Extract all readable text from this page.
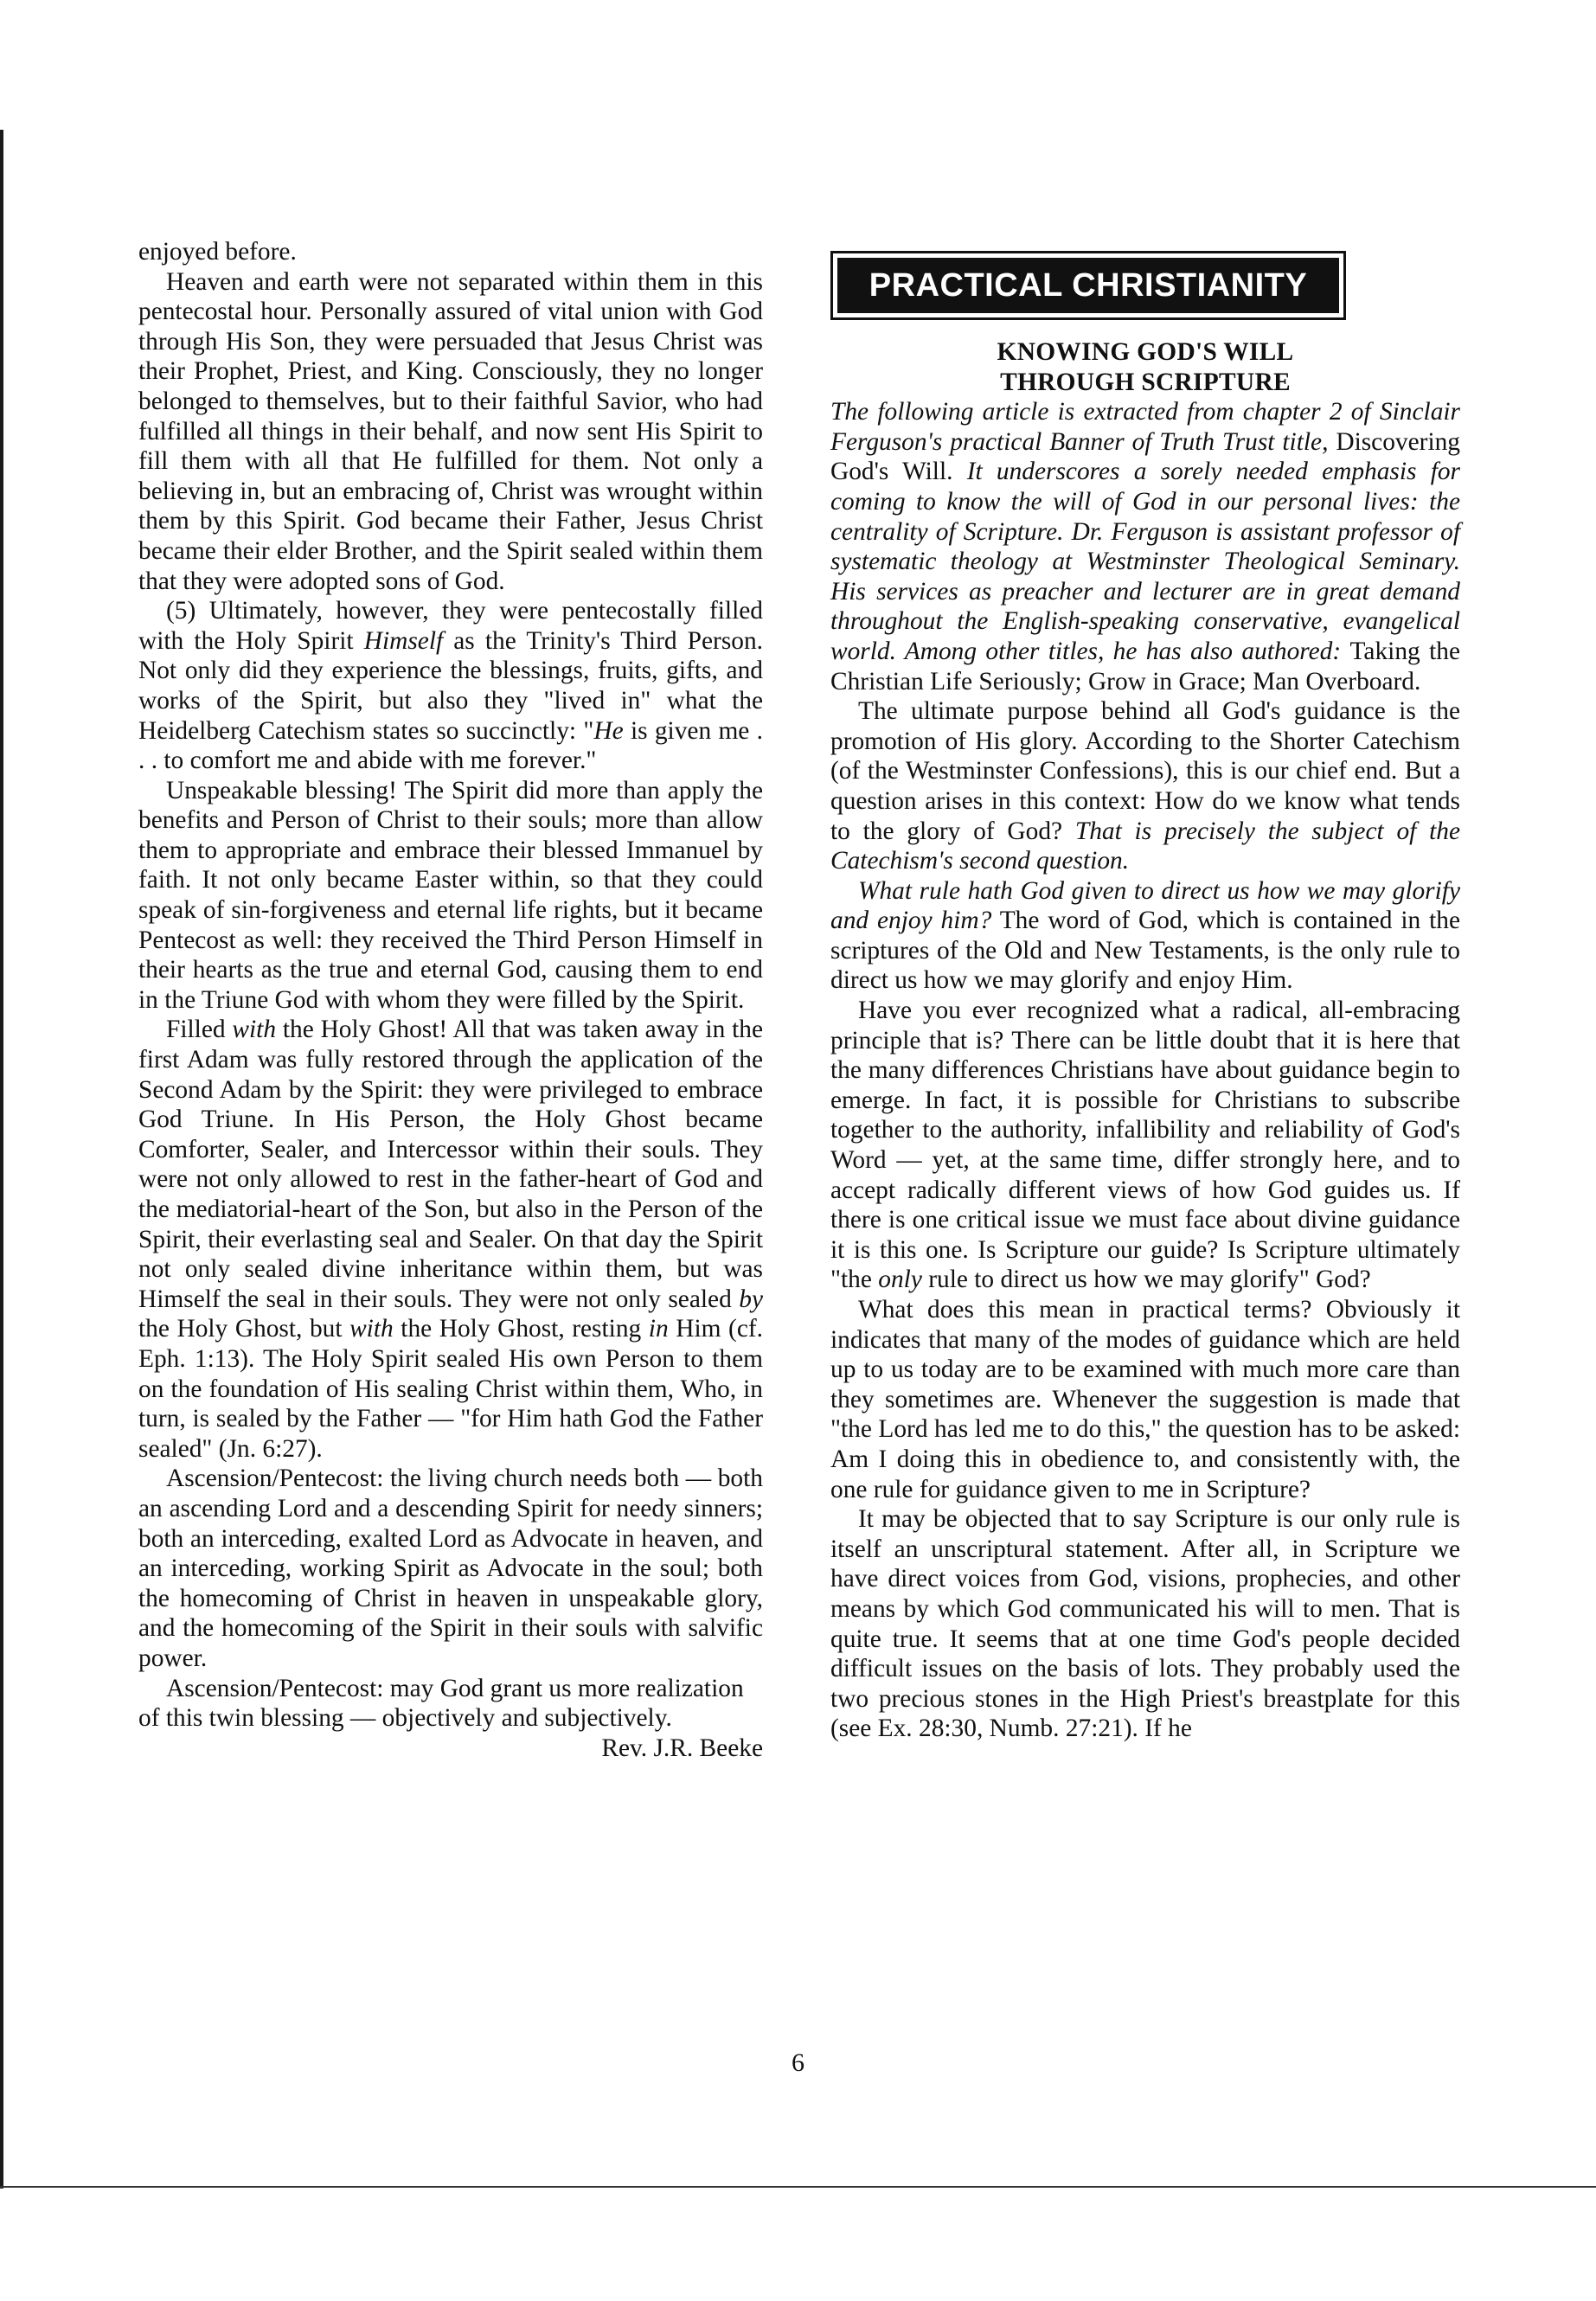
enjoyed before.

Heaven and earth were not separated within them in this pentecostal hour. Personally assured of vital union with God through His Son, they were persuaded that Jesus Christ was their Prophet, Priest, and King. Consciously, they no longer belonged to themselves, but to their faithful Savior, who had fulfilled all things in their behalf, and now sent His Spirit to fill them with all that He fulfilled for them. Not only a believing in, but an embracing of, Christ was wrought within them by this Spirit. God became their Father, Jesus Christ became their elder Brother, and the Spirit sealed within them that they were adopted sons of God.

(5) Ultimately, however, they were pentecostally filled with the Holy Spirit Himself as the Trinity's Third Person. Not only did they experience the blessings, fruits, gifts, and works of the Spirit, but also they "lived in" what the Heidelberg Catechism states so succinctly: "He is given me . . . to comfort me and abide with me forever."

Unspeakable blessing! The Spirit did more than apply the benefits and Person of Christ to their souls; more than allow them to appropriate and embrace their blessed Immanuel by faith. It not only became Easter within, so that they could speak of sin-forgiveness and eternal life rights, but it became Pentecost as well: they received the Third Person Himself in their hearts as the true and eternal God, causing them to end in the Triune God with whom they were filled by the Spirit.

Filled with the Holy Ghost! All that was taken away in the first Adam was fully restored through the application of the Second Adam by the Spirit: they were privileged to embrace God Triune. In His Person, the Holy Ghost became Comforter, Sealer, and Intercessor within their souls. They were not only allowed to rest in the father-heart of God and the mediatorial-heart of the Son, but also in the Person of the Spirit, their everlasting seal and Sealer. On that day the Spirit not only sealed divine inheritance within them, but was Himself the seal in their souls. They were not only sealed by the Holy Ghost, but with the Holy Ghost, resting in Him (cf. Eph. 1:13). The Holy Spirit sealed His own Person to them on the foundation of His sealing Christ within them, Who, in turn, is sealed by the Father — "for Him hath God the Father sealed" (Jn. 6:27).

Ascension/Pentecost: the living church needs both — both an ascending Lord and a descending Spirit for needy sinners; both an interceding, exalted Lord as Advocate in heaven, and an interceding, working Spirit as Advocate in the soul; both the homecoming of Christ in heaven in unspeakable glory, and the homecoming of the Spirit in their souls with salvific power.

Ascension/Pentecost: may God grant us more realization of this twin blessing — objectively and subjectively.
Rev. J.R. Beeke

PRACTICAL CHRISTIANITY
KNOWING GOD'S WILL
THROUGH SCRIPTURE

The following article is extracted from chapter 2 of Sinclair Ferguson's practical Banner of Truth Trust title, Discovering God's Will. It underscores a sorely needed emphasis for coming to know the will of God in our personal lives: the centrality of Scripture. Dr. Ferguson is assistant professor of systematic theology at Westminster Theological Seminary. His services as preacher and lecturer are in great demand throughout the English-speaking conservative, evangelical world. Among other titles, he has also authored: Taking the Christian Life Seriously; Grow in Grace; Man Overboard.

The ultimate purpose behind all God's guidance is the promotion of His glory. According to the Shorter Catechism (of the Westminster Confessions), this is our chief end. But a question arises in this context: How do we know what tends to the glory of God? That is precisely the subject of the Catechism's second question.

What rule hath God given to direct us how we may glorify and enjoy him? The word of God, which is contained in the scriptures of the Old and New Testaments, is the only rule to direct us how we may glorify and enjoy Him.

Have you ever recognized what a radical, all-embracing principle that is? There can be little doubt that it is here that the many differences Christians have about guidance begin to emerge. In fact, it is possible for Christians to subscribe together to the authority, infallibility and reliability of God's Word — yet, at the same time, differ strongly here, and to accept radically different views of how God guides us. If there is one critical issue we must face about divine guidance it is this one. Is Scripture our guide? Is Scripture ultimately "the only rule to direct us how we may glorify" God?

What does this mean in practical terms? Obviously it indicates that many of the modes of guidance which are held up to us today are to be examined with much more care than they sometimes are. Whenever the suggestion is made that "the Lord has led me to do this," the question has to be asked: Am I doing this in obedience to, and consistently with, the one rule for guidance given to me in Scripture?

It may be objected that to say Scripture is our only rule is itself an unscriptural statement. After all, in Scripture we have direct voices from God, visions, prophecies, and other means by which God communicated his will to men. That is quite true. It seems that at one time God's people decided difficult issues on the basis of lots. They probably used the two precious stones in the High Priest's breastplate for this (see Ex. 28:30, Numb. 27:21). If he

6
